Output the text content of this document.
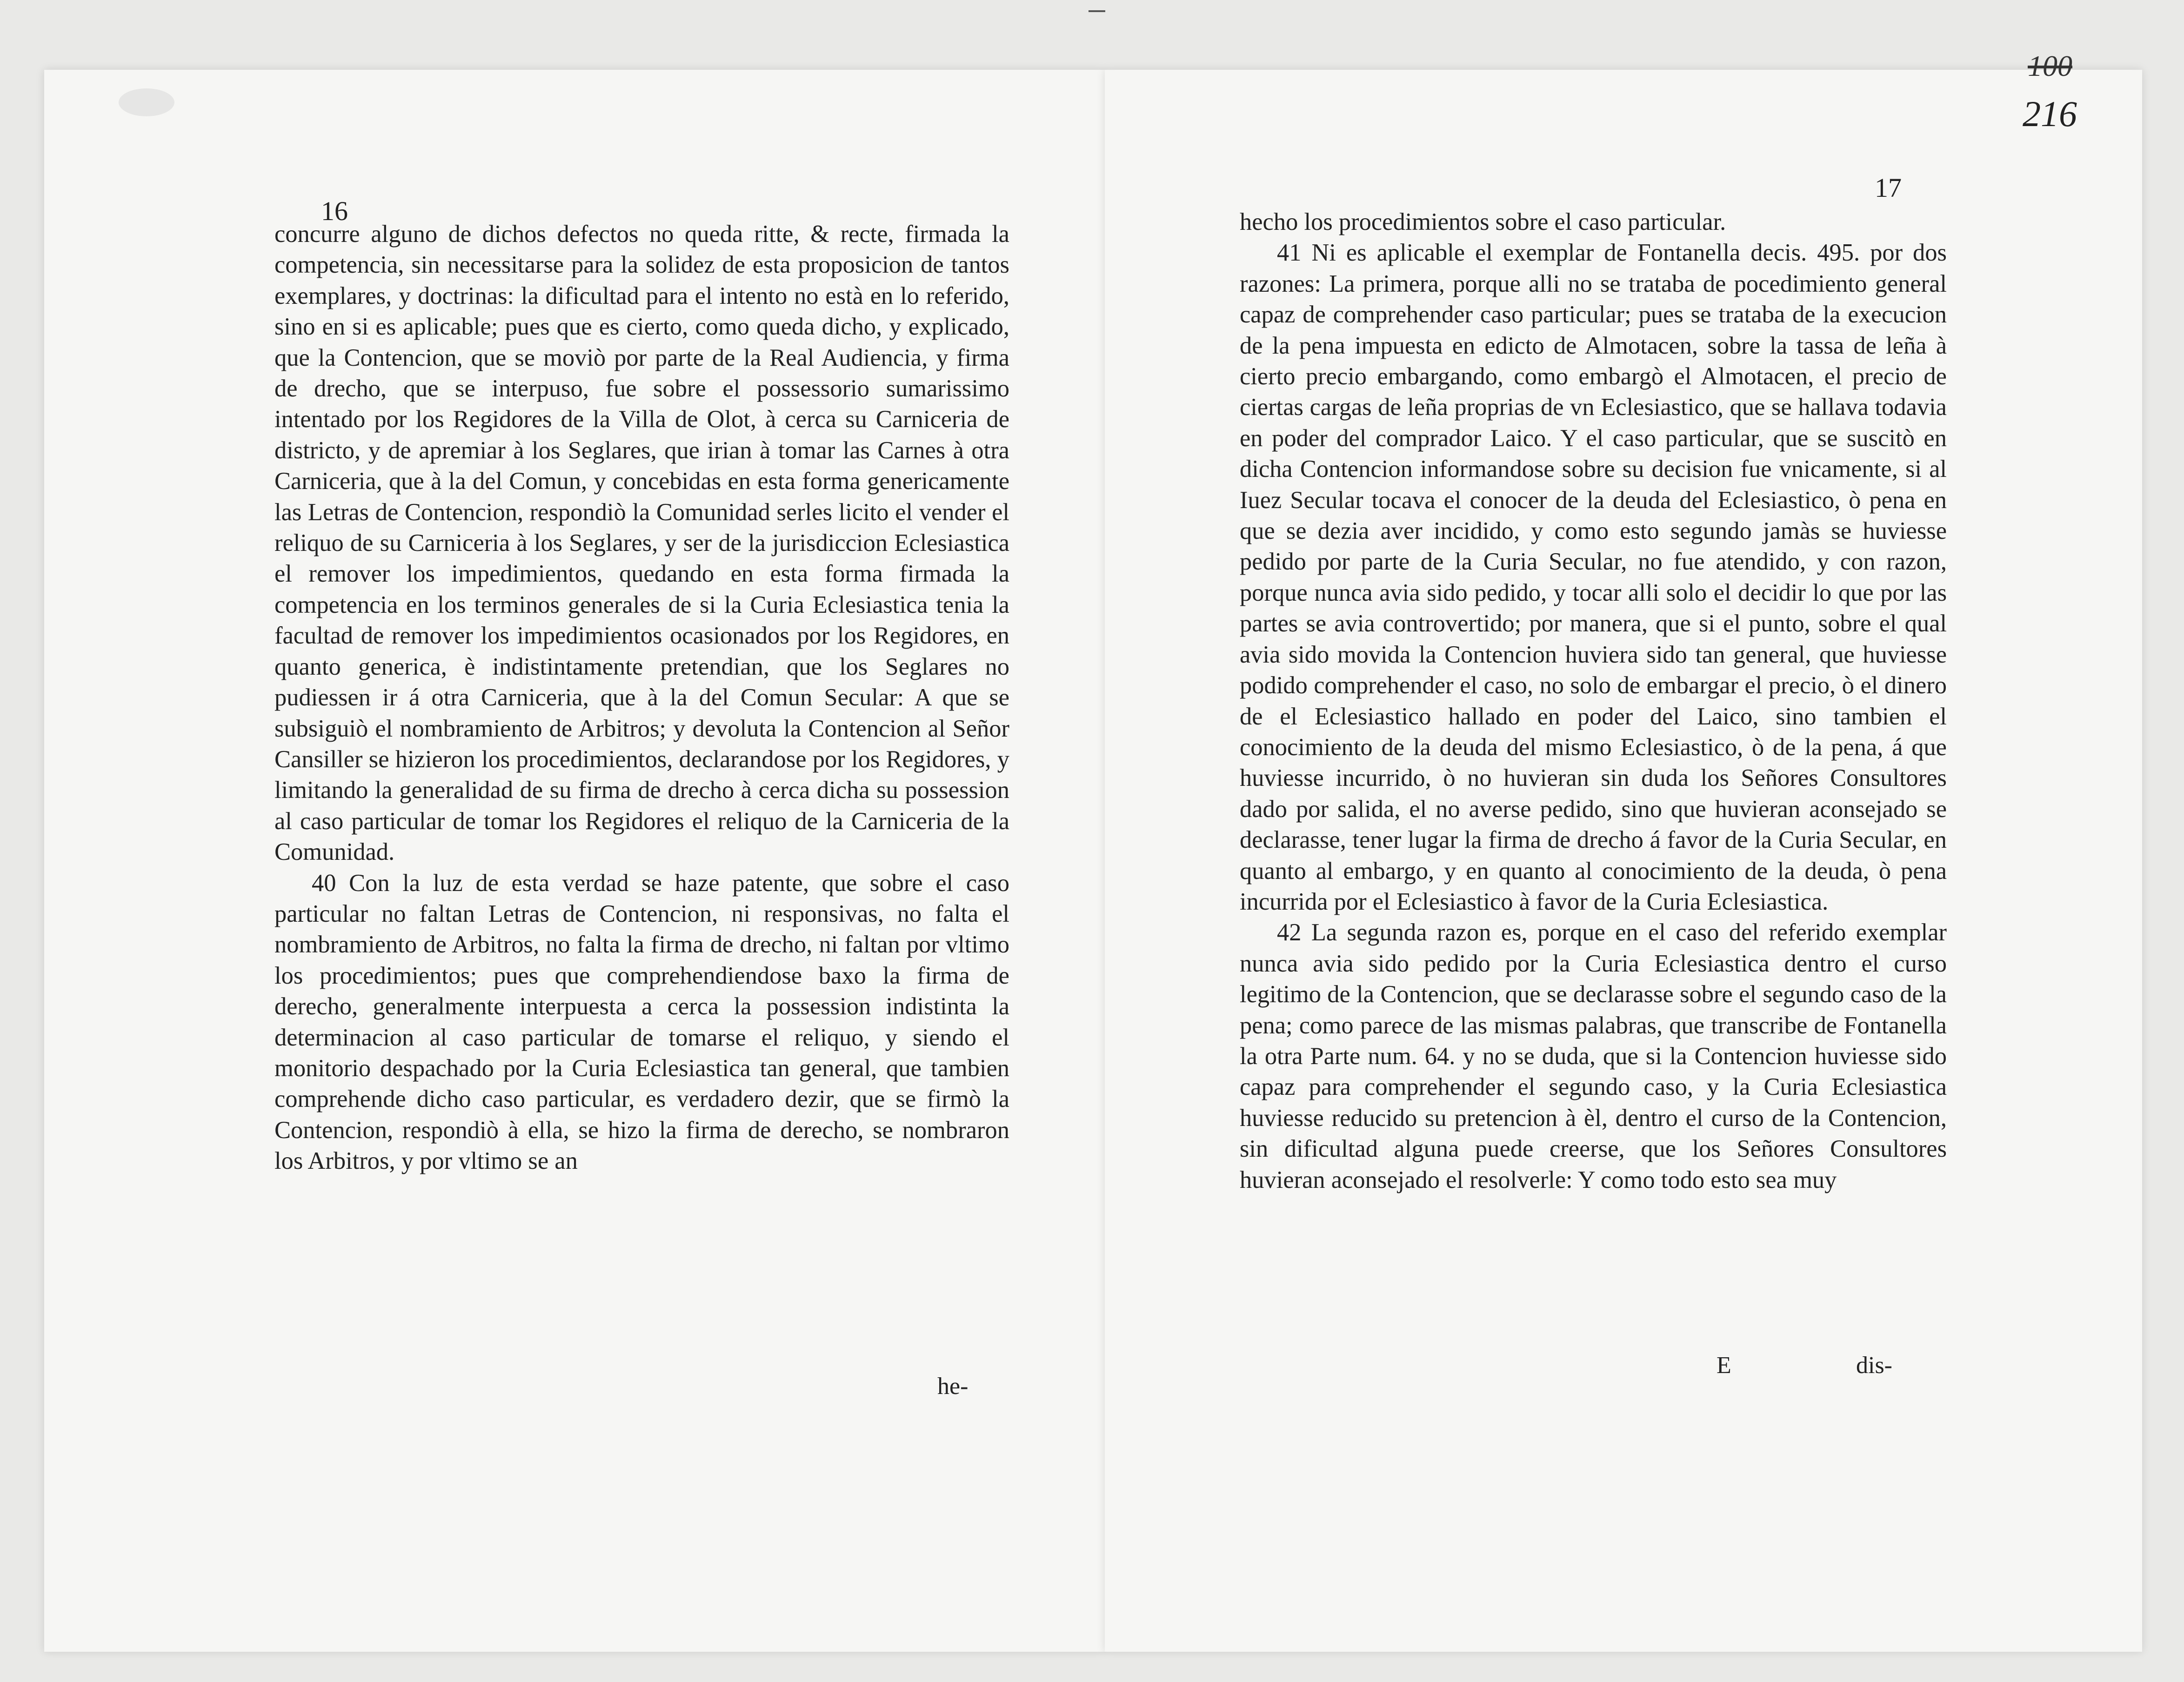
16

concurre alguno de dichos defectos no queda ritte, & recte, firmada la competencia, sin necessitarse para la solidez de esta proposicion de tantos exemplares, y doctrinas: la dificultad para el intento no està en lo referido, sino en si es aplicable; pues que es cierto, como queda dicho, y explicado, que la Contencion, que se moviò por parte de la Real Audiencia, y firma de drecho, que se interpuso, fue sobre el possessorio sumarissimo intentado por los Regidores de la Villa de Olot, à cerca su Carniceria de districto, y de apremiar à los Seglares, que irian à tomar las Carnes à otra Carniceria, que à la del Comun, y concebidas en esta forma genericamente las Letras de Contencion, respondiò la Comunidad serles licito el vender el reliquo de su Carniceria à los Seglares, y ser de la jurisdiccion Eclesiastica el remover los impedimientos, quedando en esta forma firmada la competencia en los terminos generales de si la Curia Eclesiastica tenia la facultad de remover los impedimientos ocasionados por los Regidores, en quanto generica, è indistintamente pretendian, que los Seglares no pudiessen ir á otra Carniceria, que à la del Comun Secular: A que se subsiguiò el nombramiento de Arbitros; y devoluta la Contencion al Señor Cansiller se hizieron los procedimientos, declarandose por los Regidores, y limitando la generalidad de su firma de drecho à cerca dicha su possession al caso particular de tomar los Regidores el reliquo de la Carniceria de la Comunidad.

40 Con la luz de esta verdad se haze patente, que sobre el caso particular no faltan Letras de Contencion, ni responsivas, no falta el nombramiento de Arbitros, no falta la firma de drecho, ni faltan por vltimo los procedimientos; pues que comprehendiendose baxo la firma de derecho, generalmente interpuesta a cerca la possession indistinta la determinacion al caso particular de tomarse el reliquo, y siendo el monitorio despachado por la Curia Eclesiastica tan general, que tambien comprehende dicho caso particular, es verdadero dezir, que se firmò la Contencion, respondiò à ella, se hizo la firma de derecho, se nombraron los Arbitros, y por vltimo se an

he-
100
216
17

hecho los procedimientos sobre el caso particular.

41 Ni es aplicable el exemplar de Fontanella decis. 495. por dos razones: La primera, porque alli no se trataba de pocedimiento general capaz de comprehender caso particular; pues se trataba de la execucion de la pena impuesta en edicto de Almotacen, sobre la tassa de leña à cierto precio embargando, como embargò el Almotacen, el precio de ciertas cargas de leña proprias de vn Eclesiastico, que se hallava todavia en poder del comprador Laico. Y el caso particular, que se suscitò en dicha Contencion informandose sobre su decision fue vnicamente, si al Iuez Secular tocava el conocer de la deuda del Eclesiastico, ò pena en que se dezia aver incidido, y como esto segundo jamàs se huviesse pedido por parte de la Curia Secular, no fue atendido, y con razon, porque nunca avia sido pedido, y tocar alli solo el decidir lo que por las partes se avia controvertido; por manera, que si el punto, sobre el qual avia sido movida la Contencion huviera sido tan general, que huviesse podido comprehender el caso, no solo de embargar el precio, ò el dinero de el Eclesiastico hallado en poder del Laico, sino tambien el conocimiento de la deuda del mismo Eclesiastico, ò de la pena, á que huviesse incurrido, ò no huvieran sin duda los Señores Consultores dado por salida, el no averse pedido, sino que huvieran aconsejado se declarasse, tener lugar la firma de drecho á favor de la Curia Secular, en quanto al embargo, y en quanto al conocimiento de la deuda, ò pena incurrida por el Eclesiastico à favor de la Curia Eclesiastica.

42 La segunda razon es, porque en el caso del referido exemplar nunca avia sido pedido por la Curia Eclesiastica dentro el curso legitimo de la Contencion, que se declarasse sobre el segundo caso de la pena; como parece de las mismas palabras, que transcribe de Fontanella la otra Parte num. 64. y no se duda, que si la Contencion huviesse sido capaz para comprehender el segundo caso, y la Curia Eclesiastica huviesse reducido su pretencion à èl, dentro el curso de la Contencion, sin dificultad alguna puede creerse, que los Señores Consultores huvieran aconsejado el resolverle: Y como todo esto sea muy

E	dis-
